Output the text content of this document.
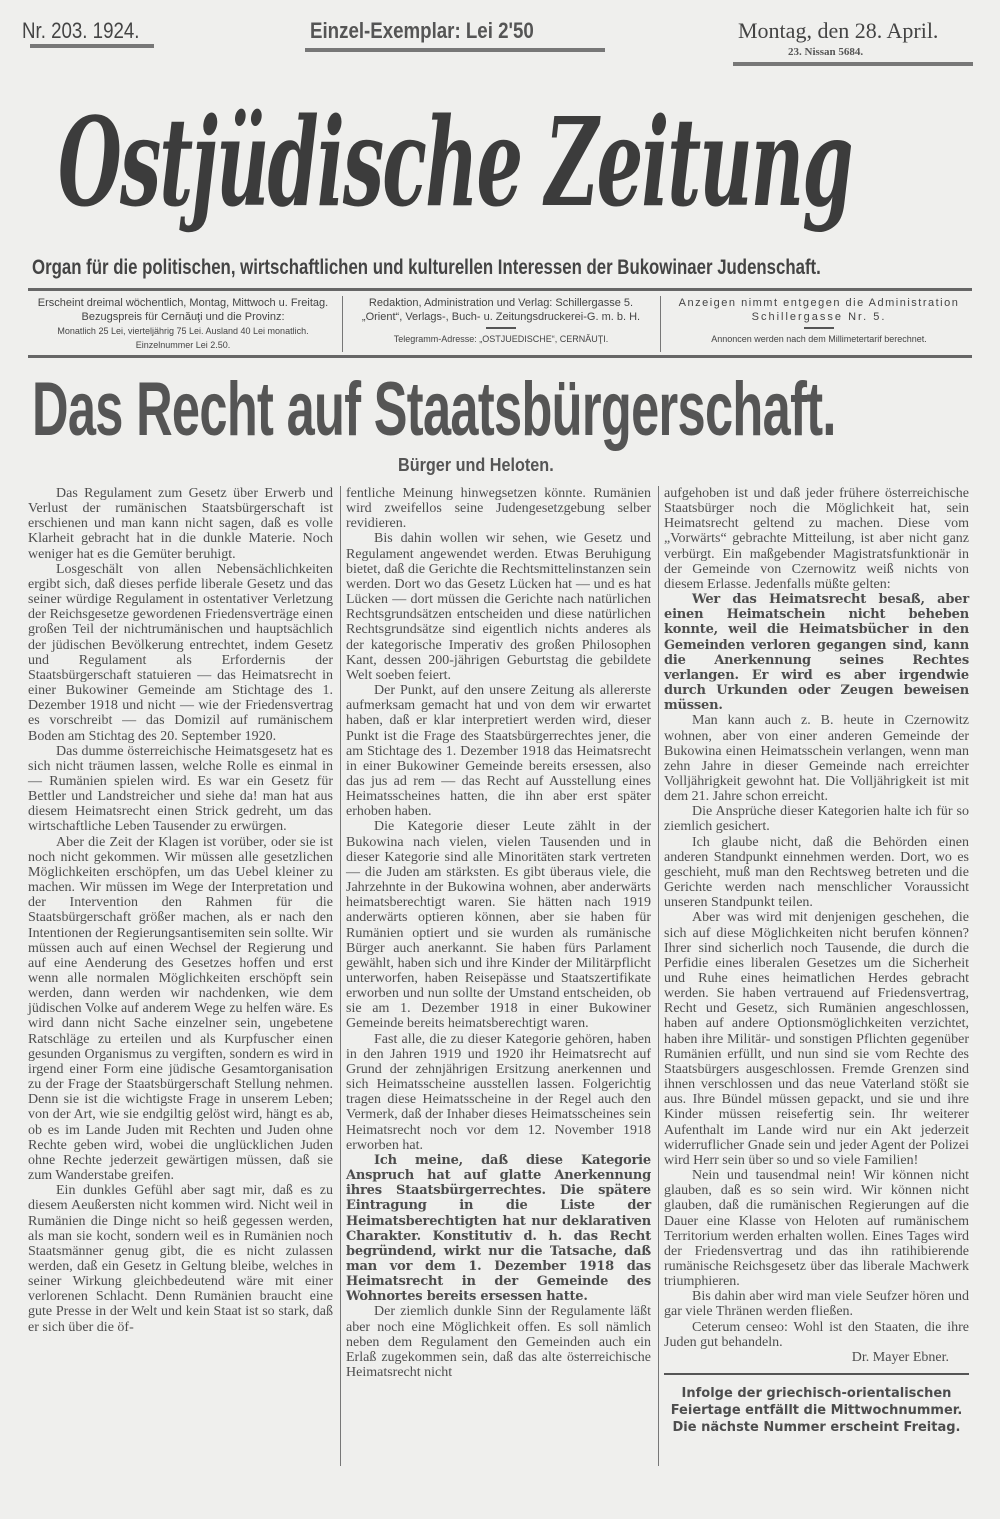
Nr. 203. 1924.	Einzel-Exemplar: Lei 2'50	Montag, den 28. April.
23. Nissan 5684.
Ostjüdische Zeitung
Organ für die politischen, wirtschaftlichen und kulturellen Interessen der Bukowinaer Judenschaft.
Erscheint dreimal wöchentlich, Montag, Mittwoch u. Freitag.
Bezugspreis für Cernăuţi und die Provinz:
Monatlich 25 Lei, vierteljährig 75 Lei. Ausland 40 Lei monatlich.
Einzelnummer Lei 2.50.
Redaktion, Administration und Verlag: Schillergasse 5.
„Orient“, Verlags-, Buch- u. Zeitungsdruckerei-G. m. b. H.
Telegramm-Adresse: „OSTJUEDISCHE“, CERNĂUŢI.
Anzeigen nimmt entgegen die Administration
Schillergasse Nr. 5.
Annoncen werden nach dem Millimetertarif berechnet.
Das Recht auf Staatsbürgerschaft.
Bürger und Heloten.

Das Regulament zum Gesetz über Erwerb und Verlust der rumänischen Staatsbürgerschaft ist erschienen und man kann nicht sagen, daß es volle Klarheit gebracht hat in die dunkle Materie. Noch weniger hat es die Gemüter beruhigt.

Losgeschält von allen Nebensächlichkeiten ergibt sich, daß dieses perfide liberale Gesetz und das seiner würdige Regulament in ostentativer Verletzung der Reichsgesetze gewordenen Friedensverträge einen großen Teil der nichtrumänischen und hauptsächlich der jüdischen Bevölkerung entrechtet, indem Gesetz und Regulament als Erfordernis der Staatsbürgerschaft statuieren — das Heimatsrecht in einer Bukowiner Gemeinde am Stichtage des 1. Dezember 1918 und nicht — wie der Friedensvertrag es vorschreibt — das Domizil auf rumänischem Boden am Stichtag des 20. September 1920.

Das dumme österreichische Heimatsgesetz hat es sich nicht träumen lassen, welche Rolle es einmal in — Rumänien spielen wird. Es war ein Gesetz für Bettler und Landstreicher und siehe da! man hat aus diesem Heimatsrecht einen Strick gedreht, um das wirtschaftliche Leben Tausender zu erwürgen.

Aber die Zeit der Klagen ist vorüber, oder sie ist noch nicht gekommen. Wir müssen alle gesetzlichen Möglichkeiten erschöpfen, um das Uebel kleiner zu machen. Wir müssen im Wege der Interpretation und der Intervention den Rahmen für die Staatsbürgerschaft größer machen, als er nach den Intentionen der Regierungsantisemiten sein sollte. Wir müssen auch auf einen Wechsel der Regierung und auf eine Aenderung des Gesetzes hoffen und erst wenn alle normalen Möglichkeiten erschöpft sein werden, dann werden wir nachdenken, wie dem jüdischen Volke auf anderem Wege zu helfen wäre. Es wird dann nicht Sache einzelner sein, ungebetene Ratschläge zu erteilen und als Kurpfuscher einen gesunden Organismus zu vergiften, sondern es wird in irgend einer Form eine jüdische Gesamtorganisation zu der Frage der Staatsbürgerschaft Stellung nehmen. Denn sie ist die wichtigste Frage in unserem Leben; von der Art, wie sie endgiltig gelöst wird, hängt es ab, ob es im Lande Juden mit Rechten und Juden ohne Rechte geben wird, wobei die unglücklichen Juden ohne Rechte jederzeit gewärtigen müssen, daß sie zum Wanderstabe greifen.

Ein dunkles Gefühl aber sagt mir, daß es zu diesem Aeußersten nicht kommen wird. Nicht weil in Rumänien die Dinge nicht so heiß gegessen werden, als man sie kocht, sondern weil es in Rumänien noch Staatsmänner genug gibt, die es nicht zulassen werden, daß ein Gesetz in Geltung bleibe, welches in seiner Wirkung gleichbedeutend wäre mit einer verlorenen Schlacht. Denn Rumänien braucht eine gute Presse in der Welt und kein Staat ist so stark, daß er sich über die öf-

fentliche Meinung hinwegsetzen könnte. Rumänien wird zweifellos seine Judengesetzgebung selber revidieren.

Bis dahin wollen wir sehen, wie Gesetz und Regulament angewendet werden. Etwas Beruhigung bietet, daß die Gerichte die Rechtsmittelinstanzen sein werden. Dort wo das Gesetz Lücken hat — und es hat Lücken — dort müssen die Gerichte nach natürlichen Rechtsgrundsätzen entscheiden und diese natürlichen Rechtsgrundsätze sind eigentlich nichts anderes als der kategorische Imperativ des großen Philosophen Kant, dessen 200-jährigen Geburtstag die gebildete Welt soeben feiert.

Der Punkt, auf den unsere Zeitung als allererste aufmerksam gemacht hat und von dem wir erwartet haben, daß er klar interpretiert werden wird, dieser Punkt ist die Frage des Staatsbürgerrechtes jener, die am Stichtage des 1. Dezember 1918 das Heimatsrecht in einer Bukowiner Gemeinde bereits ersessen, also das jus ad rem — das Recht auf Ausstellung eines Heimatsscheines hatten, die ihn aber erst später erhoben haben.

Die Kategorie dieser Leute zählt in der Bukowina nach vielen, vielen Tausenden und in dieser Kategorie sind alle Minoritäten stark vertreten — die Juden am stärksten. Es gibt überaus viele, die Jahrzehnte in der Bukowina wohnen, aber anderwärts heimatsberechtigt waren. Sie hätten nach 1919 anderwärts optieren können, aber sie haben für Rumänien optiert und sie wurden als rumänische Bürger auch anerkannt. Sie haben fürs Parlament gewählt, haben sich und ihre Kinder der Militärpflicht unterworfen, haben Reisepässe und Staatszertifikate erworben und nun sollte der Umstand entscheiden, ob sie am 1. Dezember 1918 in einer Bukowiner Gemeinde bereits heimatsberechtigt waren.

Fast alle, die zu dieser Kategorie gehören, haben in den Jahren 1919 und 1920 ihr Heimatsrecht auf Grund der zehnjährigen Ersitzung anerkennen und sich Heimatsscheine ausstellen lassen. Folgerichtig tragen diese Heimatsscheine in der Regel auch den Vermerk, daß der Inhaber dieses Heimatsscheines sein Heimatsrecht noch vor dem 12. November 1918 erworben hat.

Ich meine, daß diese Kategorie Anspruch hat auf glatte Anerkennung ihres Staatsbürgerrechtes. Die spätere Eintragung in die Liste der Heimatsberechtigten hat nur deklarativen Charakter. Konstitutiv d. h. das Recht begründend, wirkt nur die Tatsache, daß man vor dem 1. Dezember 1918 das Heimatsrecht in der Gemeinde des Wohnortes bereits ersessen hatte.

Der ziemlich dunkle Sinn der Regulamente läßt aber noch eine Möglichkeit offen. Es soll nämlich neben dem Regulament den Gemeinden auch ein Erlaß zugekommen sein, daß das alte österreichische Heimatsrecht nicht

aufgehoben ist und daß jeder frühere österreichische Staatsbürger noch die Möglichkeit hat, sein Heimatsrecht geltend zu machen. Diese vom „Vorwärts“ gebrachte Mitteilung, ist aber nicht ganz verbürgt. Ein maßgebender Magistratsfunktionär in der Gemeinde von Czernowitz weiß nichts von diesem Erlasse. Jedenfalls müßte gelten:

Wer das Heimatsrecht besaß, aber einen Heimatschein nicht beheben konnte, weil die Heimatsbücher in den Gemeinden verloren gegangen sind, kann die Anerkennung seines Rechtes verlangen. Er wird es aber irgendwie durch Urkunden oder Zeugen beweisen müssen.

Man kann auch z. B. heute in Czernowitz wohnen, aber von einer anderen Gemeinde der Bukowina einen Heimatsschein verlangen, wenn man zehn Jahre in dieser Gemeinde nach erreichter Volljährigkeit gewohnt hat. Die Volljährigkeit ist mit dem 21. Jahre schon erreicht.

Die Ansprüche dieser Kategorien halte ich für so ziemlich gesichert.

Ich glaube nicht, daß die Behörden einen anderen Standpunkt einnehmen werden. Dort, wo es geschieht, muß man den Rechtsweg betreten und die Gerichte werden nach menschlicher Voraussicht unseren Standpunkt teilen.

Aber was wird mit denjenigen geschehen, die sich auf diese Möglichkeiten nicht berufen können? Ihrer sind sicherlich noch Tausende, die durch die Perfidie eines liberalen Gesetzes um die Sicherheit und Ruhe eines heimatlichen Herdes gebracht werden. Sie haben vertrauend auf Friedensvertrag, Recht und Gesetz, sich Rumänien angeschlossen, haben auf andere Optionsmöglichkeiten verzichtet, haben ihre Militär- und sonstigen Pflichten gegenüber Rumänien erfüllt, und nun sind sie vom Rechte des Staatsbürgers ausgeschlossen. Fremde Grenzen sind ihnen verschlossen und das neue Vaterland stößt sie aus. Ihre Bündel müssen gepackt, und sie und ihre Kinder müssen reisefertig sein. Ihr weiterer Aufenthalt im Lande wird nur ein Akt jederzeit widerruflicher Gnade sein und jeder Agent der Polizei wird Herr sein über so und so viele Familien!

Nein und tausendmal nein! Wir können nicht glauben, daß es so sein wird. Wir können nicht glauben, daß die rumänischen Regierungen auf die Dauer eine Klasse von Heloten auf rumänischem Territorium werden erhalten wollen. Eines Tages wird der Friedensvertrag und das ihn ratihibierende rumänische Reichsgesetz über das liberale Machwerk triumphieren.

Bis dahin aber wird man viele Seufzer hören und gar viele Thränen werden fließen.

Ceterum censeo: Wohl ist den Staaten, die ihre Juden gut behandeln.

Dr. Mayer Ebner.

Infolge der griechisch-orientalischen Feiertage entfällt die Mittwochnummer. Die nächste Nummer erscheint Freitag.
